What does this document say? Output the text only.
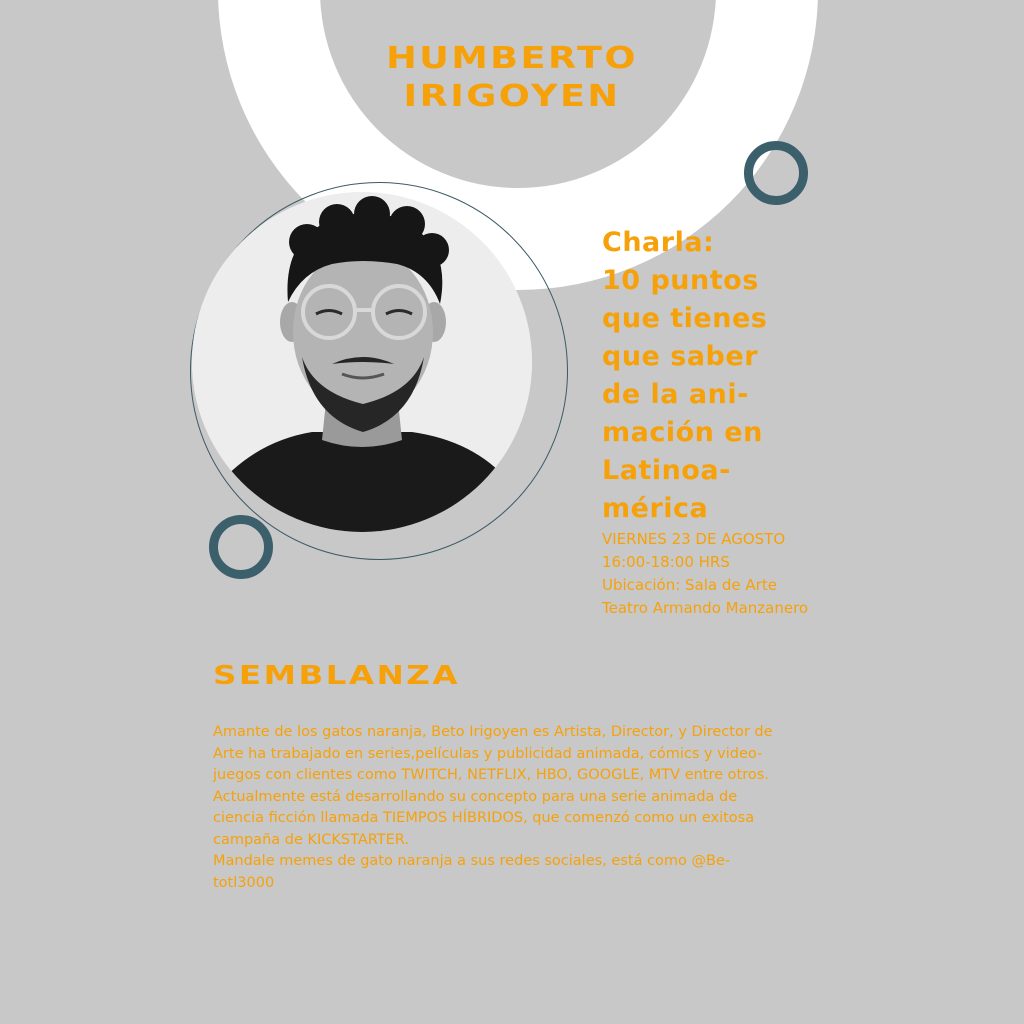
HUMBERTO
IRIGOYEN
Charla:
10 puntos
que tienes
que saber
de la ani-
mación en
Latinoa-
mérica
VIERNES 23 DE AGOSTO
16:00-18:00 HRS
Ubicación: Sala de Arte
Teatro Armando Manzanero
SEMBLANZA
Amante de los gatos naranja, Beto Irigoyen es Artista, Director, y Director de
Arte ha trabajado en series,películas y publicidad animada, cómics y video-
juegos con clientes como TWITCH, NETFLIX, HBO, GOOGLE, MTV entre otros.
Actualmente está desarrollando su concepto para una serie animada de
ciencia ficción llamada TIEMPOS HÍBRIDOS, que comenzó como un exitosa
campaña de KICKSTARTER.
Mandale memes de gato naranja a sus redes sociales, está como @Be-
totl3000
